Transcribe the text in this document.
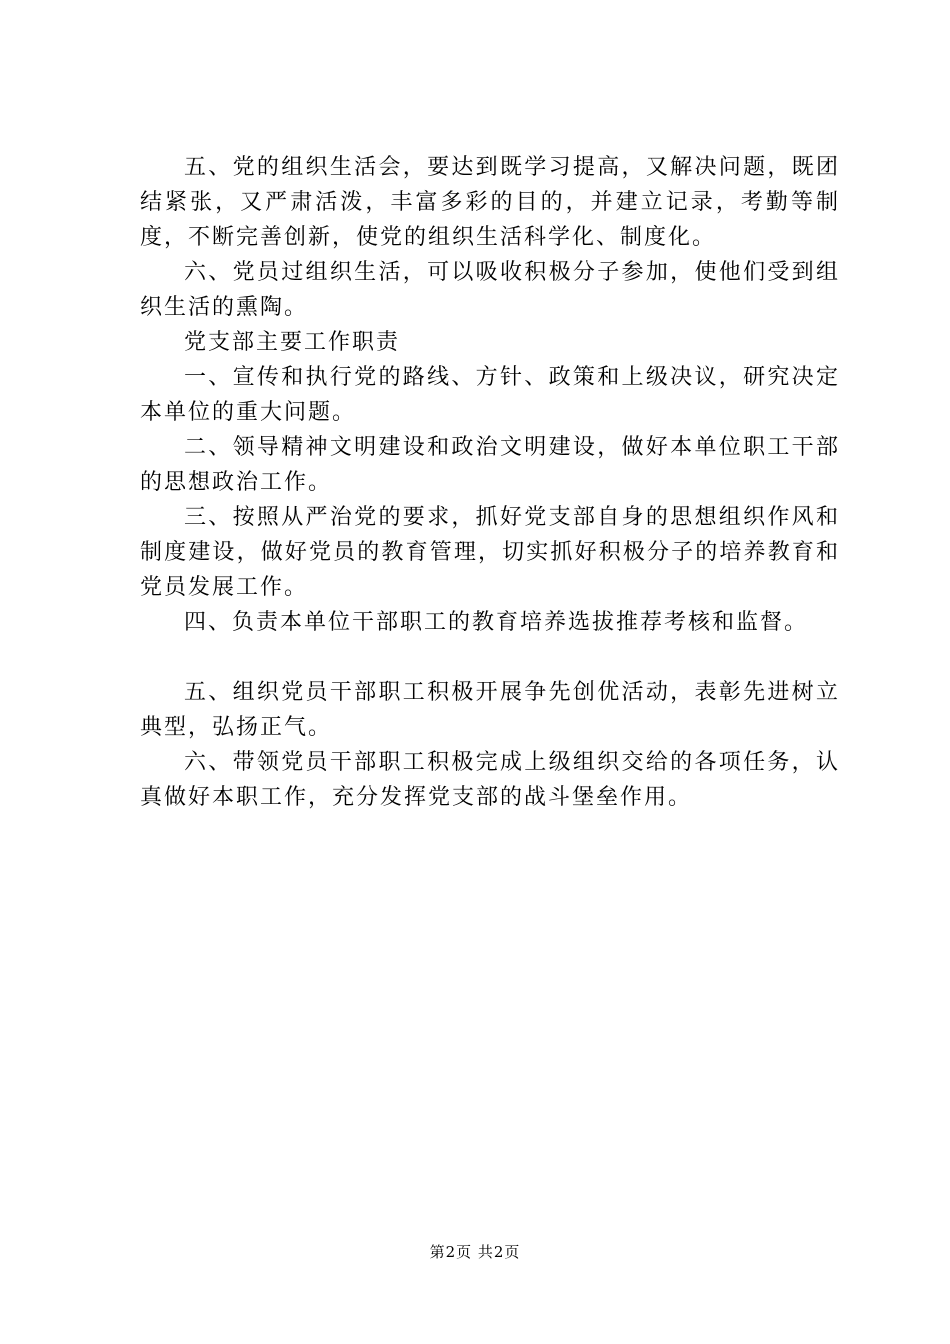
五、党的组织生活会，要达到既学习提高，又解决问题，既团结紧张，又严肃活泼，丰富多彩的目的，并建立记录，考勤等制度，不断完善创新，使党的组织生活科学化、制度化。

六、党员过组织生活，可以吸收积极分子参加，使他们受到组织生活的熏陶。

党支部主要工作职责

一、宣传和执行党的路线、方针、政策和上级决议，研究决定本单位的重大问题。

二、领导精神文明建设和政治文明建设，做好本单位职工干部的思想政治工作。

三、按照从严治党的要求，抓好党支部自身的思想组织作风和制度建设，做好党员的教育管理，切实抓好积极分子的培养教育和党员发展工作。

四、负责本单位干部职工的教育培养选拔推荐考核和监督。

五、组织党员干部职工积极开展争先创优活动，表彰先进树立典型，弘扬正气。

六、带领党员干部职工积极完成上级组织交给的各项任务，认真做好本职工作，充分发挥党支部的战斗堡垒作用。

第2页 共2页
